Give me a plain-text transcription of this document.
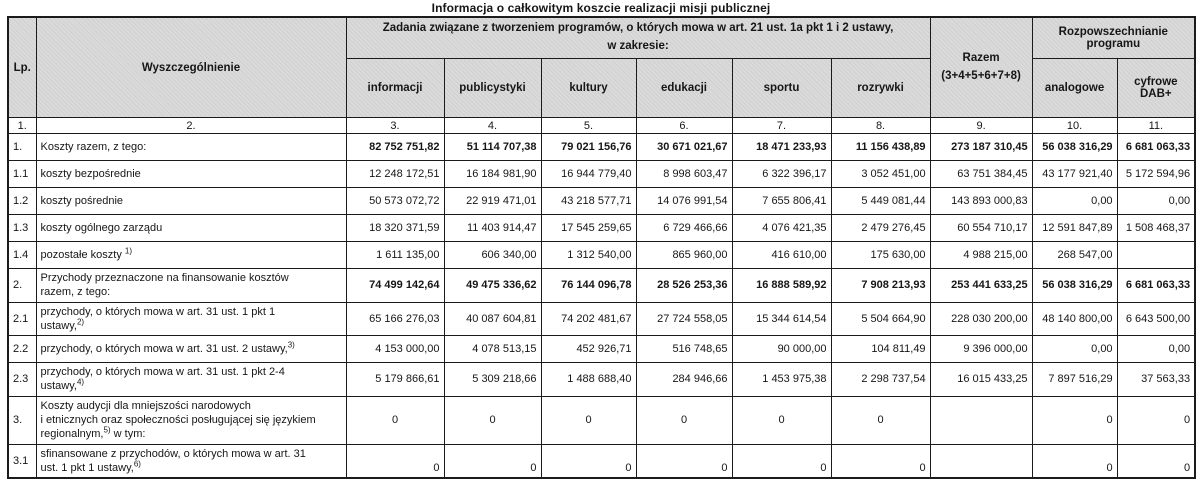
Informacja o całkowitym koszcie realizacji misji publicznej
Lp.	Wyszczególnienie	
Zadania związane z tworzeniem programów, o których mowa w art. 21 ust. 1a pkt 1 i 2 ustawy,
w zakresie:

Razem
(3+4+5+6+7+8)
	Rozpowszechnianie programu
		informacji	publicystyki	kultury	edukacji	sportu	rozrywki		analogowe	cyfrowe DAB+
1.	2.	3.	4.	5.	6.	7.	8.	9.	10.	11.
1.	Koszty razem, z tego:	82 752 751,82	51 114 707,38	79 021 156,76	30 671 021,67	18 471 233,93	11 156 438,89	273 187 310,45	56 038 316,29	6 681 063,33
1.1	koszty bezpośrednie	12 248 172,51	16 184 981,90	16 944 779,40	8 998 603,47	6 322 396,17	3 052 451,00	63 751 384,45	43 177 921,40	5 172 594,96
1.2	koszty pośrednie	50 573 072,72	22 919 471,01	43 218 577,71	14 076 991,54	7 655 806,41	5 449 081,44	143 893 000,83	0,00	0,00
1.3	koszty ogólnego zarządu	18 320 371,59	11 403 914,47	17 545 259,65	6 729 466,66	4 076 421,35	2 479 276,45	60 554 710,17	12 591 847,89	1 508 468,37
1.4	pozostałe koszty $^{1)}$	1 611 135,00	606 340,00	1 312 540,00	865 960,00	416 610,00	175 630,00	4 988 215,00	268 547,00	
2.	Przychody przeznaczone na finansowanie kosztów
razem, z tego:	74 499 142,64	49 475 336,62	76 144 096,78	28 526 253,36	16 888 589,92	7 908 213,93	253 441 633,25	56 038 316,29	6 681 063,33
2.1	przychody, o których mowa w art. 31 ust. 1 pkt 1
ustawy,$^{2)}$	65 166 276,03	40 087 604,81	74 202 481,67	27 724 558,05	15 344 614,54	5 504 664,90	228 030 200,00	48 140 800,00	6 643 500,00
2.2	przychody, o których mowa w art. 31 ust. 2 ustawy,$^{3)}$	4 153 000,00	4 078 513,15	452 926,71	516 748,65	90 000,00	104 811,49	9 396 000,00	0,00	0,00
2.3	przychody, o których mowa w art. 31 ust. 1 pkt 2-4
ustawy,$^{4)}$	5 179 866,61	5 309 218,66	1 488 688,40	284 946,66	1 453 975,38	2 298 737,54	16 015 433,25	7 897 516,29	37 563,33
3.	Koszty audycji dla mniejszości narodowych
i etnicznych oraz społeczności posługującej się językiem
regionalnym,$^{5)}$ w tym:	0	0	0	0	0	0		0	0
3.1	sfinansowane z przychodów, o których mowa w art. 31
ust. 1 pkt 1 ustawy,$^{6)}$	0	0	0	0	0	0		0	0
